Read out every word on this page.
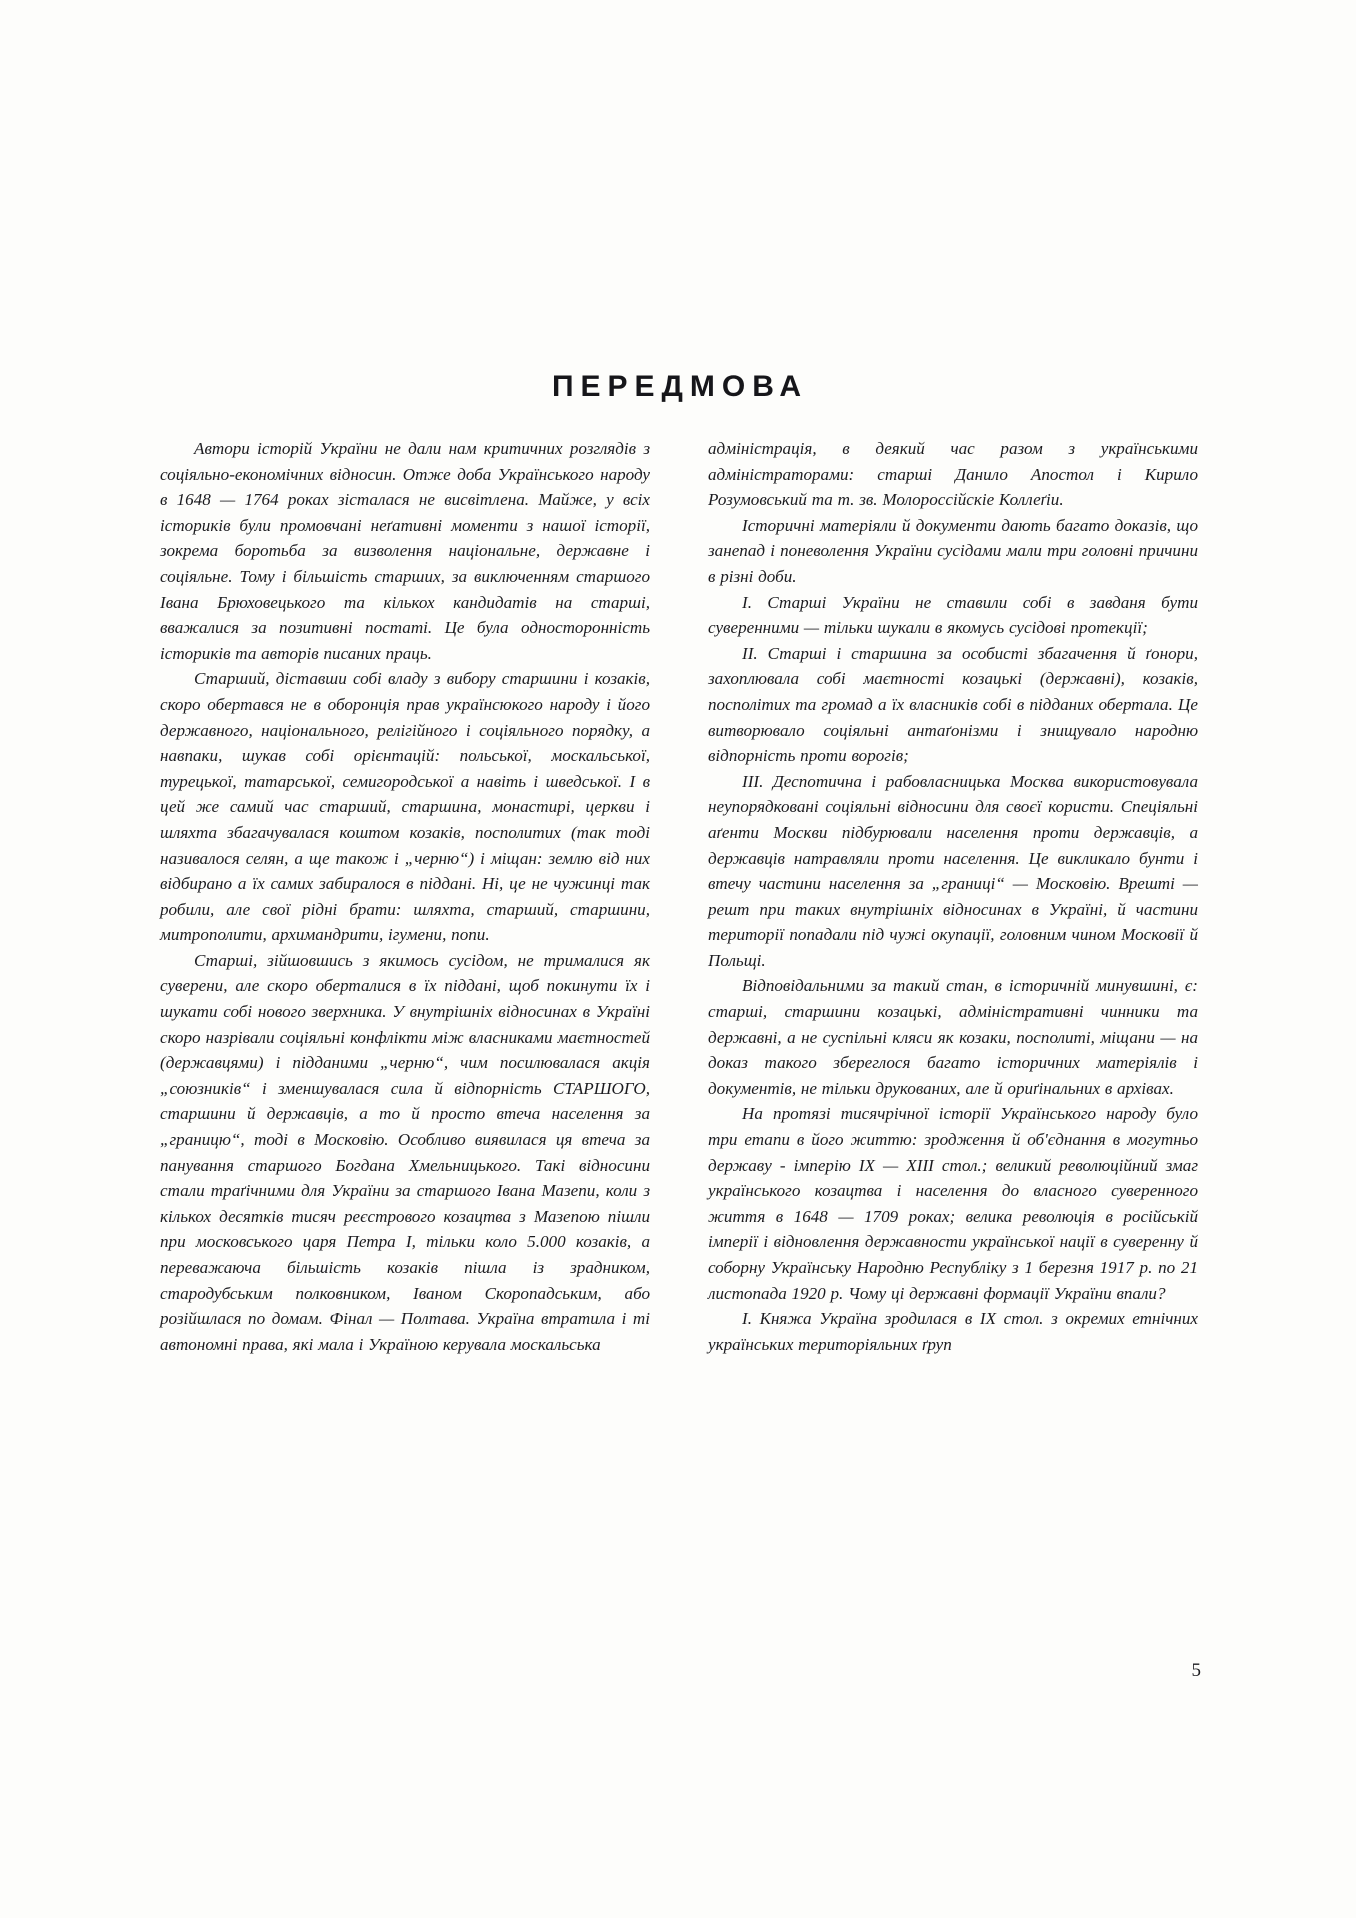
ПЕРЕДМОВА

Автори історій України не дали нам критичних розглядів з соціяльно-економічних відносин. Отже доба Українського народу в 1648 — 1764 роках зісталася не висвітлена. Майже, у всіх істориків були промовчані неґативні моменти з нашої історії, зокрема боротьба за визволення національне, державне і соціяльне. Тому і більшість старших, за виключенням старшого Івана Брюховецького та кількох кандидатів на старші, вважалися за позитивні постаті. Це була односторонність істориків та авторів писаних праць.

Старший, діставши собі владу з вибору старшини і козаків, скоро обертався не в оборонція прав українсюкого народу і його державного, національного, релігійного і соціяльного порядку, а навпаки, шукав собі орієнтацій: польської, москальської, турецької, татарської, семигородської а навіть і шведської. І в цей же самий час старший, старшина, монастирі, церкви і шляхта збагачувалася коштом козаків, посполитих (так тоді називалося селян, а ще також і „черню“) і міщан: землю від них відбирано а їх самих забиралося в піддані. Ні, це не чужинці так робили, але свої рідні брати: шляхта, старший, старшини, митрополити, архимандрити, ігумени, попи.

Старші, зійшовшись з якимось сусідом, не трималися як суверени, але скоро оберталися в їх піддані, щоб покинути їх і шукати собі нового зверхника. У внутрішніх відносинах в Україні скоро назрівали соціяльні конфлікти між власниками маєтностей (державцями) і підданими „черню“, чим посилювалася акція „союзників“ і зменшувалася сила й відпорність СТАРШОГО, старшини й державців, а то й просто втеча населення за „границю“, тоді в Московію. Особливо виявилася ця втеча за панування старшого Богдана Хмельницького. Такі відносини стали траґічними для України за старшого Івана Мазепи, коли з кількох десятків тисяч реєстрового козацтва з Мазепою пішли при московського царя Петра I, тільки коло 5.000 козаків, а переважаюча більшість козаків пішла із зрадником, стародубським полковником, Іваном Скоропадським, або розійшлася по домам. Фінал — Полтава. Україна втратила і ті автономні права, які мала і Україною керувала москальська

адміністрація, в деякий час разом з українськими адміністраторами: старші Данило Апостол і Кирило Розумовський та т. зв. Молороссійскіе Коллеґіи.

Історичні матеріяли й документи дають багато доказів, що занепад і поневолення України сусідами мали три головні причини в різні доби.

I. Старші України не ставили собі в завданя бути суверенними — тільки шукали в якомусь сусідові протекції;

II. Старші і старшина за особисті збагачення й ґонори, захоплювала собі маєтності козацькі (державні), козаків, посполітих та громад а їх власників собі в підданих обертала. Це витворювало соціяльні антаґонізми і знищувало народню відпорність проти ворогів;

III. Деспотична і рабовласницька Москва використовувала неупорядковані соціяльні відносини для своєї користи. Спеціяльні аґенти Москви підбурювали населення проти державців, а державців натравляли проти населення. Це викликало бунти і втечу частини населення за „границі“ — Московію. Врешті — решт при таких внутрішніх відносинах в Україні, й частини території попадали під чужі окупації, головним чином Московії й Польщі.

Відповідальними за такий стан, в історичній минувшині, є: старші, старшини козацькі, адміністративні чинники та державні, а не суспільні кляси як козаки, посполиті, міщани — на доказ такого збереглося багато історичних матеріялів і документів, не тільки друкованих, але й ориґінальних в архівах.

На протязі тисячрічної історії Українського народу було три етапи в його життю: зродження й об'єднання в могутньо державу - імперію IX — XIII стол.; великий революційний змаг українського козацтва і населення до власного суверенного життя в 1648 — 1709 роках; велика революція в російській імперії і відновлення державности української нації в суверенну й соборну Українську Народню Республіку з 1 березня 1917 р. по 21 листопада 1920 р. Чому ці державні формації України впали?

I. Княжа Україна зродилася в IX стол. з окремих етнічних українських територіяльних ґруп

5
